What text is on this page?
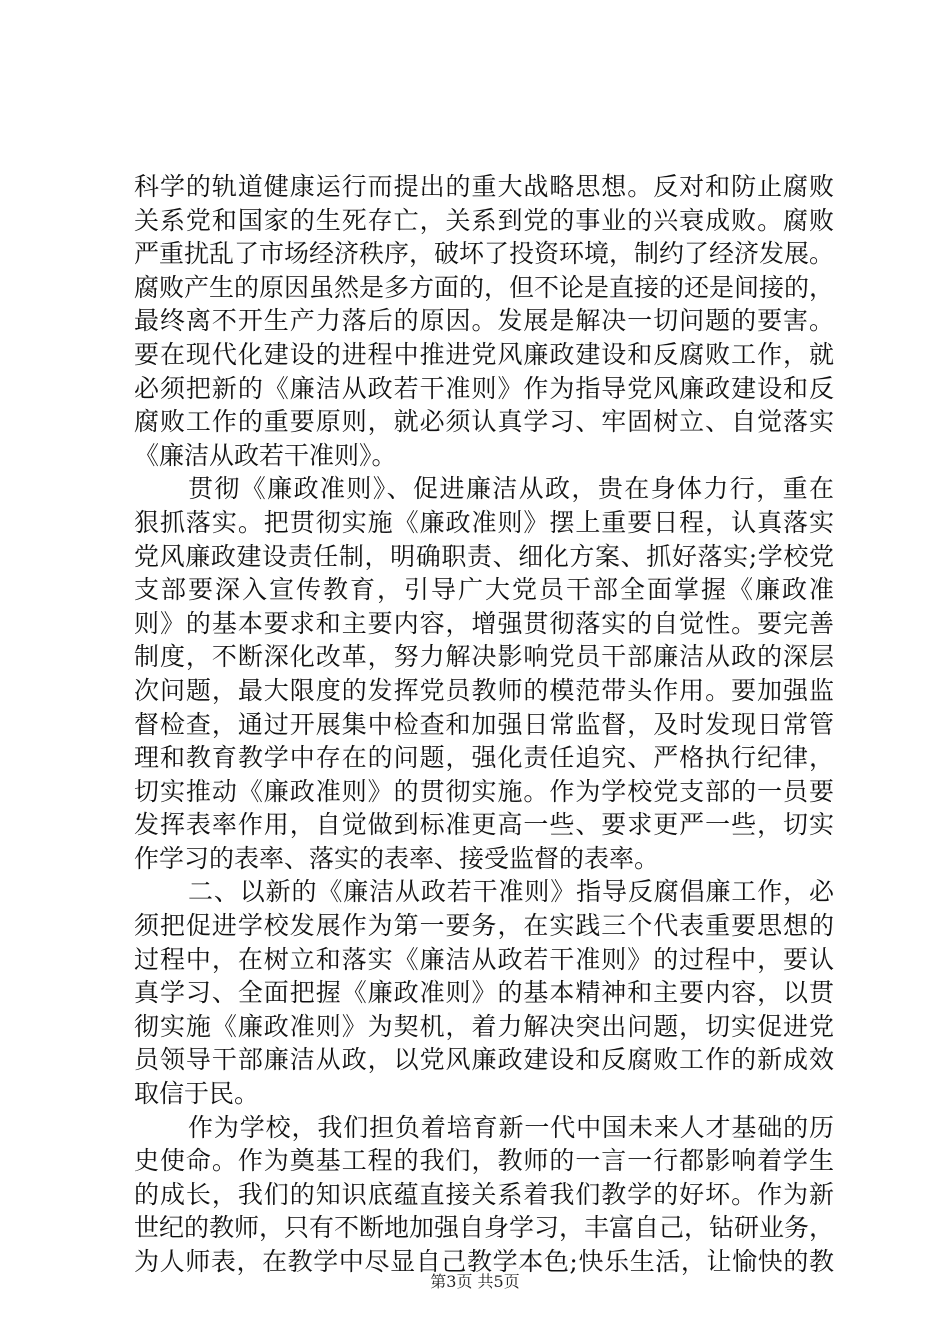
科学的轨道健康运行而提出的重大战略思想。反对和防止腐败
关系党和国家的生死存亡，关系到党的事业的兴衰成败。腐败
严重扰乱了市场经济秩序，破坏了投资环境，制约了经济发展。
腐败产生的原因虽然是多方面的，但不论是直接的还是间接的，
最终离不开生产力落后的原因。发展是解决一切问题的要害。
要在现代化建设的进程中推进党风廉政建设和反腐败工作，就
必须把新的《廉洁从政若干准则》作为指导党风廉政建设和反
腐败工作的重要原则，就必须认真学习、牢固树立、自觉落实
《廉洁从政若干准则》。
贯彻《廉政准则》、促进廉洁从政，贵在身体力行，重在
狠抓落实。把贯彻实施《廉政准则》摆上重要日程，认真落实
党风廉政建设责任制，明确职责、细化方案、抓好落实;学校党
支部要深入宣传教育，引导广大党员干部全面掌握《廉政准
则》的基本要求和主要内容，增强贯彻落实的自觉性。要完善
制度，不断深化改革，努力解决影响党员干部廉洁从政的深层
次问题，最大限度的发挥党员教师的模范带头作用。要加强监
督检查，通过开展集中检查和加强日常监督，及时发现日常管
理和教育教学中存在的问题，强化责任追究、严格执行纪律，
切实推动《廉政准则》的贯彻实施。作为学校党支部的一员要
发挥表率作用，自觉做到标准更高一些、要求更严一些，切实
作学习的表率、落实的表率、接受监督的表率。
二、以新的《廉洁从政若干准则》指导反腐倡廉工作，必
须把促进学校发展作为第一要务，在实践三个代表重要思想的
过程中，在树立和落实《廉洁从政若干准则》的过程中，要认
真学习、全面把握《廉政准则》的基本精神和主要内容，以贯
彻实施《廉政准则》为契机，着力解决突出问题，切实促进党
员领导干部廉洁从政，以党风廉政建设和反腐败工作的新成效
取信于民。
作为学校，我们担负着培育新一代中国未来人才基础的历
史使命。作为奠基工程的我们，教师的一言一行都影响着学生
的成长，我们的知识底蕴直接关系着我们教学的好坏。作为新
世纪的教师，只有不断地加强自身学习，丰富自己，钻研业务，
为人师表，在教学中尽显自己教学本色;快乐生活，让愉快的教
第3页 共5页
